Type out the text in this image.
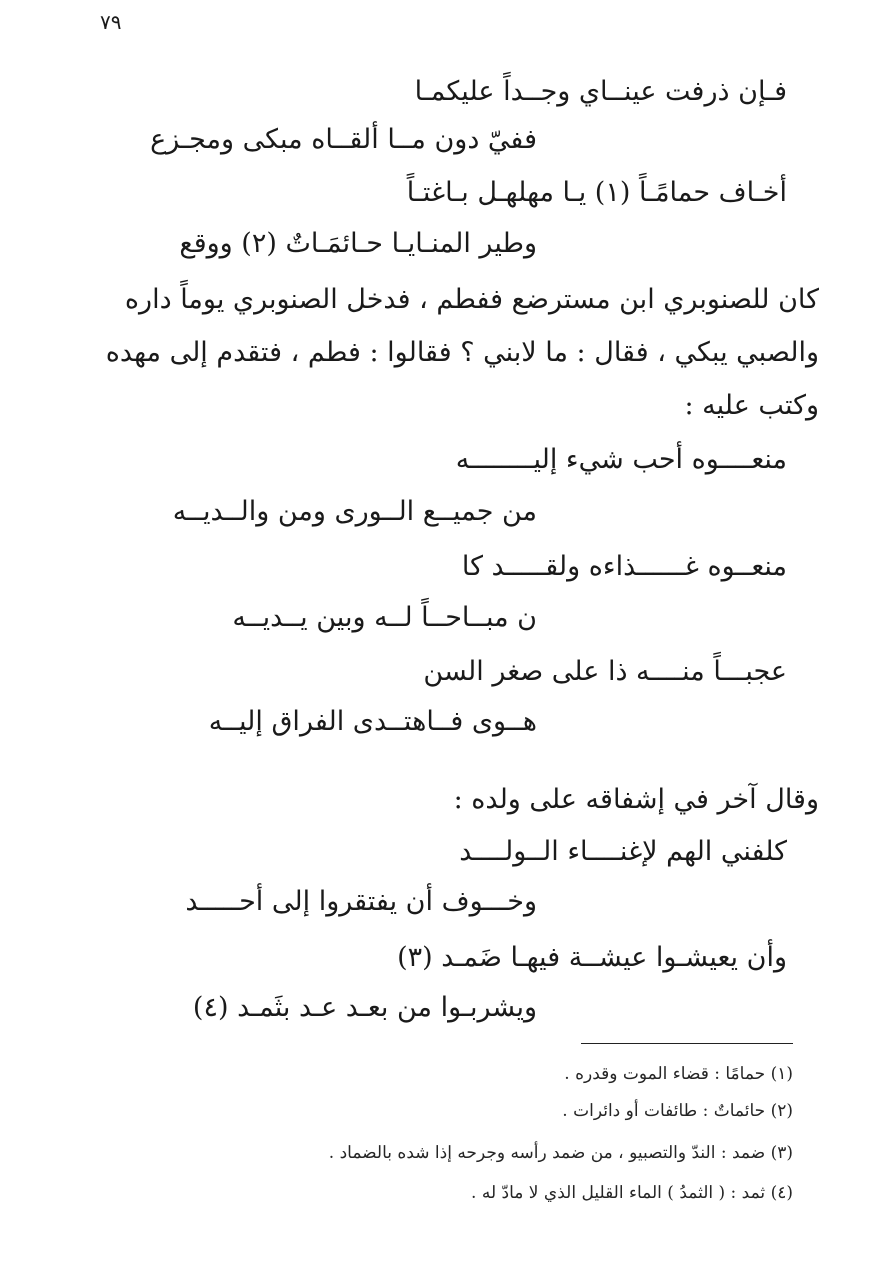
٧٩
فـإن ذرفت عينــاي وجــداً عليكمـا
ففيّ دون مــا ألقــاه مبكى ومجـزع
أخـاف حمامًـاً (١) يـا مهلهـل بـاغتـاً
وطير المنـايـا حـائمَـاتٌ (٢) ووقع
كان للصنوبري ابن مسترضع ففطم ، فدخل الصنوبري يوماً داره
والصبي يبكي ، فقال : ما لابني ؟ فقالوا : فطم ، فتقدم إلى مهده
وكتب عليه :
منعــــوه أحب شيء إليــــــــه
من جميــع الــورى ومن والــديــه
منعــوه غــــــذاءه ولقـــــد كا
ن مبــاحــاً لــه وبين يــديــه
عجبـــاً منــــه ذا على صغر السن
هــوى فــاهتــدى الفراق إليــه
وقال آخر في إشفاقه على ولده :
كلفني الهم لإغنــــاء الــولــــد
وخـــوف أن يفتقروا إلى أحـــــد
وأن يعيشـوا عيشــة فيهـا ضَمـد (٣)
ويشربـوا من بعـد عـد بثَمـد (٤)
(١) حمامًا : قضاء الموت وقدره .
(٢) حائماتٌ : طائفات أو دائرات .
(٣) ضمد : الندّ والتصبيو ، من ضمد رأسه وجرحه إذا شده بالضماد .
(٤) ثمد : ( الثمدُ ) الماء القليل الذي لا مادّ له .
